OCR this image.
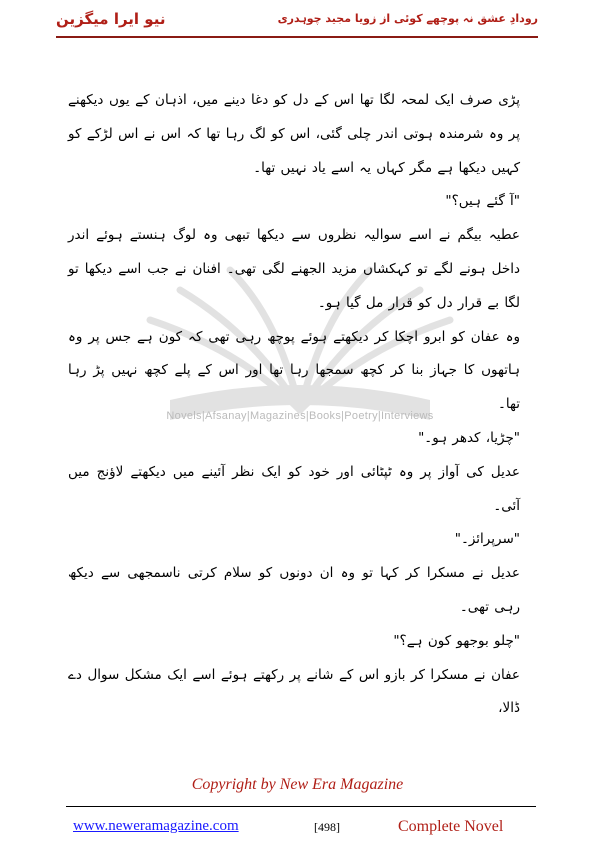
نیو ایرا میگزین	رودادِ عشق نہ پوچھے کوئی از زویا مجید چوہدری
Novels|Afsanay|Magazines|Books|Poetry|Interviews

پڑی صرف ایک لمحہ لگا تھا اس کے دل کو دغا دینے میں، اذہان کے یوں دیکھنے پر وہ شرمندہ ہوتی اندر چلی گئی، اس کو لگ رہا تھا کہ اس نے اس لڑکے کو کہیں دیکھا ہے مگر کہاں یہ اسے یاد نہیں تھا۔

"آ گئے ہیں؟"

عطیہ بیگم نے اسے سوالیہ نظروں سے دیکھا تبھی وہ لوگ ہنستے ہوئے اندر داخل ہونے لگے تو کہکشاں مزید الجھنے لگی تھی۔ افنان نے جب اسے دیکھا تو لگا بے قرار دل کو قرار مل گیا ہو۔

وہ عفان کو ابرو اچکا کر دیکھتے ہوئے پوچھ رہی تھی کہ کون ہے جس پر وہ ہاتھوں کا جہاز بنا کر کچھ سمجھا رہا تھا اور اس کے پلے کچھ نہیں پڑ رہا تھا۔

"چڑیا، کدھر ہو۔"

عدیل کی آواز پر وہ ٹپٹائی اور خود کو ایک نظر آئینے میں دیکھتے لاؤنج میں آئی۔

"سرپرائز۔"

عدیل نے مسکرا کر کہا تو وہ ان دونوں کو سلام کرتی ناسمجھی سے دیکھ رہی تھی۔

"چلو بوجھو کون ہے؟"

عفان نے مسکرا کر بازو اس کے شانے پر رکھتے ہوئے اسے ایک مشکل سوال دے ڈالا،

Copyright by New Era Magazine
www.neweramagazine.com	[498]	Complete Novel
